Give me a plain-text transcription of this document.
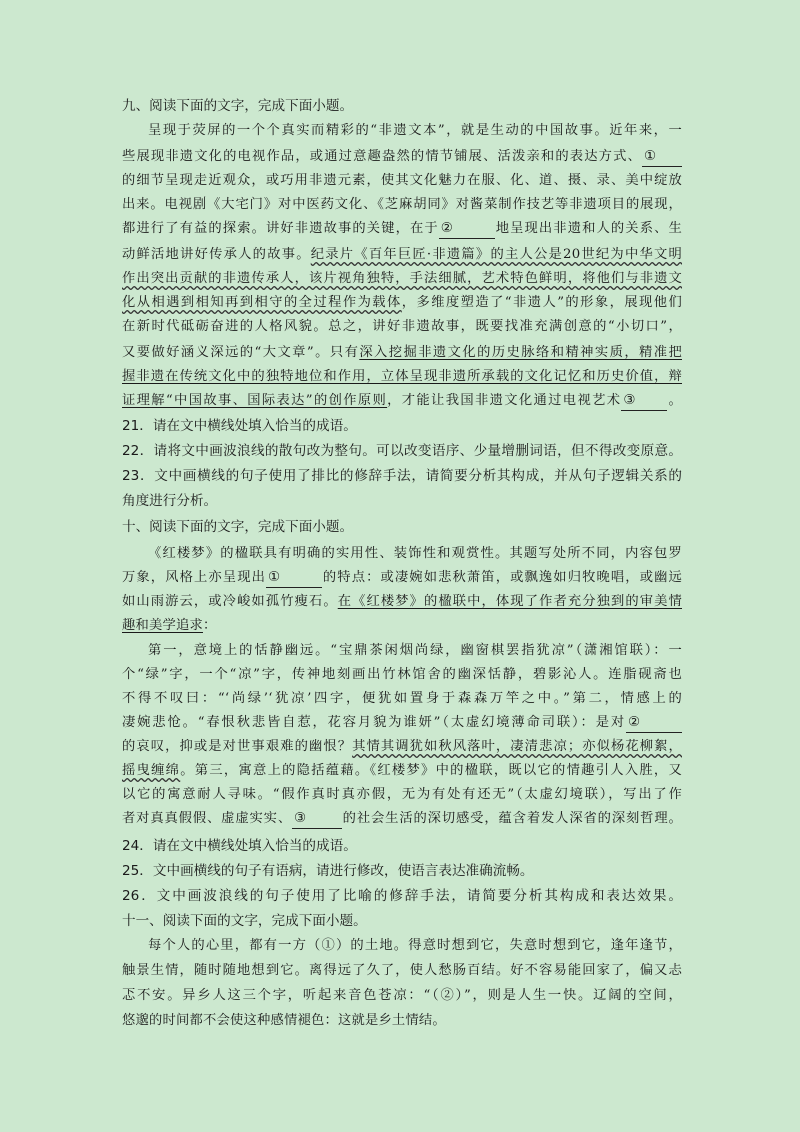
九、阅读下面的文字，完成下面小题。
呈现于荧屏的一个个真实而精彩的“非遗文本”，就是生动的中国故事。近年来，一
些展现非遗文化的电视作品，或通过意趣盎然的情节铺展、活泼亲和的表达方式、 ①
的细节呈现走近观众，或巧用非遗元素，使其文化魅力在服、化、道、摄、录、美中绽放
出来。电视剧《大宅门》对中医药文化、《芝麻胡同》对酱菜制作技艺等非遗项目的展现，
都进行了有益的探索。讲好非遗故事的关键，在于 ②	地呈现出非遗和人的关系、生
动鲜活地讲好传承人的故事。纪录片《百年巨匠·非遗篇》的主人公是20世纪为中华文明
作出突出贡献的非遗传承人，该片视角独特，手法细腻，艺术特色鲜明，将他们与非遗文
化从相遇到相知再到相守的全过程作为载体，多维度塑造了“非遗人”的形象，展现他们
在新时代砥砺奋进的人格风貌。总之，讲好非遗故事，既要找准充满创意的“小切口”，
又要做好涵义深远的“大文章”。只有深入挖掘非遗文化的历史脉络和精神实质，精准把
握非遗在传统文化中的独特地位和作用，立体呈现非遗所承载的文化记忆和历史价值，辩
证理解“中国故事、国际表达”的创作原则，才能让我国非遗文化通过电视艺术 ③ 。
21．请在文中横线处填入恰当的成语。
22．请将文中画波浪线的散句改为整句。可以改变语序、少量增删词语，但不得改变原意。
23．文中画横线的句子使用了排比的修辞手法，请简要分析其构成，并从句子逻辑关系的
角度进行分析。
十、阅读下面的文字，完成下面小题。
《红楼梦》的楹联具有明确的实用性、装饰性和观赏性。其题写处所不同，内容包罗
万象，风格上亦呈现出 ①	的特点：或凄婉如悲秋萧笛，或飘逸如归牧晚唱，或幽远
如山雨游云，或冷峻如孤竹瘦石。在《红楼梦》的楹联中，体现了作者充分独到的审美情
趣和美学追求：
第一，意境上的恬静幽远。“宝鼎茶闲烟尚绿，幽窗棋罢指犹凉”（潇湘馆联）：一
个“绿”字，一个“凉”字，传神地刻画出竹林馆舍的幽深恬静，碧影沁人。连脂砚斋也
不得不叹曰：“‘尚绿’‘犹凉’四字，便犹如置身于森森万竿之中。”第二，情感上的
凄婉悲怆。“春恨秋悲皆自惹，花容月貌为谁妍”（太虚幻境薄命司联）：是对 ②
的哀叹，抑或是对世事艰难的幽恨？其情其调犹如秋风落叶，凄清悲凉；亦似杨花柳絮，
摇曳缠绵。第三，寓意上的隐括蕴藉。《红楼梦》中的楹联，既以它的情趣引人入胜，又
以它的寓意耐人寻味。“假作真时真亦假，无为有处有还无”（太虚幻境联），写出了作
者对真真假假、虚虚实实、 ③	的社会生活的深切感受，蕴含着发人深省的深刻哲理。
24．请在文中横线处填入恰当的成语。
25．文中画横线的句子有语病，请进行修改，使语言表达准确流畅。
26．文中画波浪线的句子使用了比喻的修辞手法，请简要分析其构成和表达效果。
十一、阅读下面的文字，完成下面小题。
每个人的心里，都有一方（①）的土地。得意时想到它，失意时想到它，逢年逢节，
触景生情，随时随地想到它。离得远了久了，使人愁肠百结。好不容易能回家了，偏又忐
忑不安。异乡人这三个字，听起来音色苍凉：“（②）”，则是人生一快。辽阔的空间，
悠邈的时间都不会使这种感情褪色：这就是乡土情结。
